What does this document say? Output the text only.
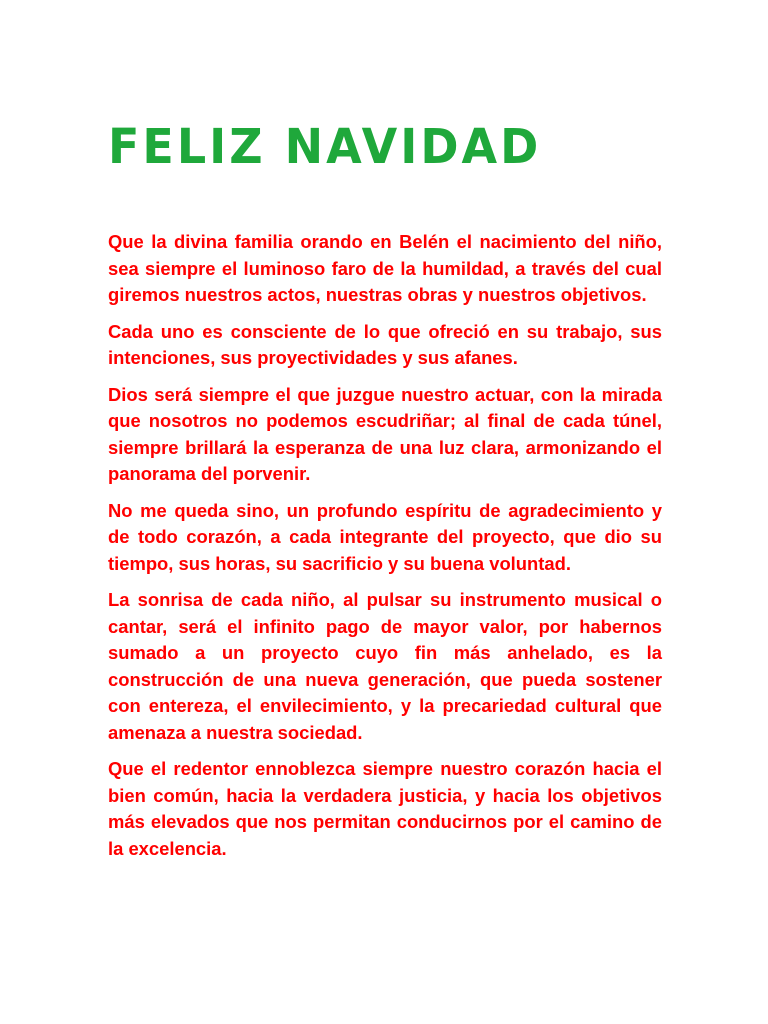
FELIZ NAVIDAD

Que la divina familia orando en Belén el nacimiento del niño, sea siempre el luminoso faro de la humildad, a través del cual giremos nuestros actos, nuestras obras y nuestros objetivos.

Cada uno es consciente de lo que ofreció en su trabajo, sus intenciones, sus proyectividades y sus afanes.

Dios será siempre el que juzgue nuestro actuar, con la mirada que nosotros no podemos escudriñar; al final de cada túnel, siempre brillará la esperanza de una luz clara, armonizando el panorama del porvenir.

No me queda sino, un profundo espíritu de agradecimiento y de todo corazón, a cada integrante del proyecto, que dio su tiempo, sus horas, su sacrificio y su buena voluntad.

La sonrisa de cada niño, al pulsar su instrumento musical o cantar, será el infinito pago de mayor valor, por habernos sumado a un proyecto cuyo fin más anhelado, es la construcción de una nueva generación, que pueda sostener con entereza, el envilecimiento, y la precariedad cultural que amenaza a nuestra sociedad.

Que el redentor ennoblezca siempre nuestro corazón hacia el bien común, hacia la verdadera justicia, y hacia los objetivos más elevados que nos permitan conducirnos por el camino de la excelencia.
